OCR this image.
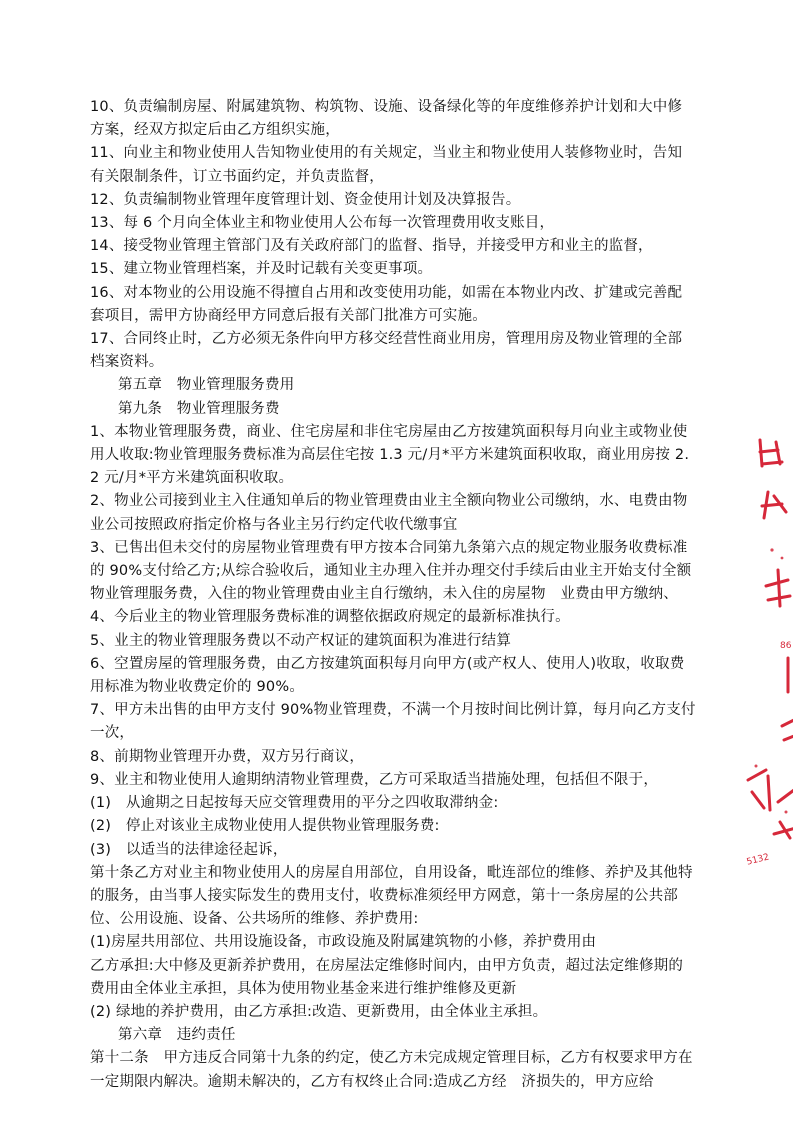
10、负责编制房屋、附属建筑物、构筑物、设施、设备绿化等的年度维修养护计划和大中修方案，经双方拟定后由乙方组织实施，

11、向业主和物业使用人告知物业使用的有关规定，当业主和物业使用人装修物业时，告知有关限制条件，订立书面约定，并负责监督，

12、负责编制物业管理年度管理计划、资金使用计划及决算报告。

13、每 6 个月向全体业主和物业使用人公布每一次管理费用收支账目，

14、接受物业管理主管部门及有关政府部门的监督、指导，并接受甲方和业主的监督，

15、建立物业管理档案，并及时记载有关变更事项。

16、对本物业的公用设施不得擅自占用和改变使用功能，如需在本物业内改、扩建或完善配套项目，需甲方协商经甲方同意后报有关部门批准方可实施。

17、合同终止时，乙方必须无条件向甲方移交经营性商业用房，管理用房及物业管理的全部档案资料。

第五章　物业管理服务费用

第九条　物业管理服务费

1、本物业管理服务费，商业、住宅房屋和非住宅房屋由乙方按建筑面积每月向业主或物业使用人收取:物业管理服务费标准为高层住宅按 1.3 元/月*平方米建筑面积收取，商业用房按 2.2 元/月*平方米建筑面积收取。

2、物业公司接到业主入住通知单后的物业管理费由业主全额向物业公司缴纳，水、电费由物业公司按照政府指定价格与各业主另行约定代收代缴事宜

3、已售出但未交付的房屋物业管理费有甲方按本合同第九条第六点的规定物业服务收费标准的 90%支付给乙方;从综合验收后，通知业主办理入住并办理交付手续后由业主开始支付全额物业管理服务费，入住的物业管理费由业主自行缴纳，未入住的房屋物　业费由甲方缴纳、

4、今后业主的物业管理服务费标准的调整依据政府规定的最新标准执行。

5、业主的物业管理服务费以不动产权证的建筑面积为准进行结算

6、空置房屋的管理服务费，由乙方按建筑面积每月向甲方(或产权人、使用人)收取，收取费用标准为物业收费定价的 90%。

7、甲方未出售的由甲方支付 90%物业管理费，不满一个月按时间比例计算，每月向乙方支付一次，

8、前期物业管理开办费，双方另行商议，

9、业主和物业使用人逾期纳清物业管理费，乙方可采取适当措施处理，包括但不限于，

(1)　从逾期之日起按每天应交管理费用的平分之四收取滞纳金:

(2)　停止对该业主成物业使用人提供物业管理服务费:

(3)　以适当的法律途径起诉，

第十条乙方对业主和物业使用人的房屋自用部位，自用设备，毗连部位的维修、养护及其他特的服务，由当事人接实际发生的费用支付，收费标准须经甲方网意，第十一条房屋的公共部位、公用设施、设备、公共场所的维修、养护费用:

(1)房屋共用部位、共用设施设备，市政设施及附属建筑物的小修，养护费用由

乙方承担:大中修及更新养护费用，在房屋法定维修时间内，由甲方负责，超过法定维修期的费用由全体业主承担，具体为使用物业基金来进行维护维修及更新

(2) 绿地的养护费用，由乙方承担:改造、更新费用，由全体业主承担。

第六章　违约责任

第十二条　甲方违反合同第十九条的约定，使乙方未完成规定管理目标，乙方有权要求甲方在一定期限内解决。逾期未解决的，乙方有权终止合同:造成乙方经　济损失的，甲方应给

86
5132
